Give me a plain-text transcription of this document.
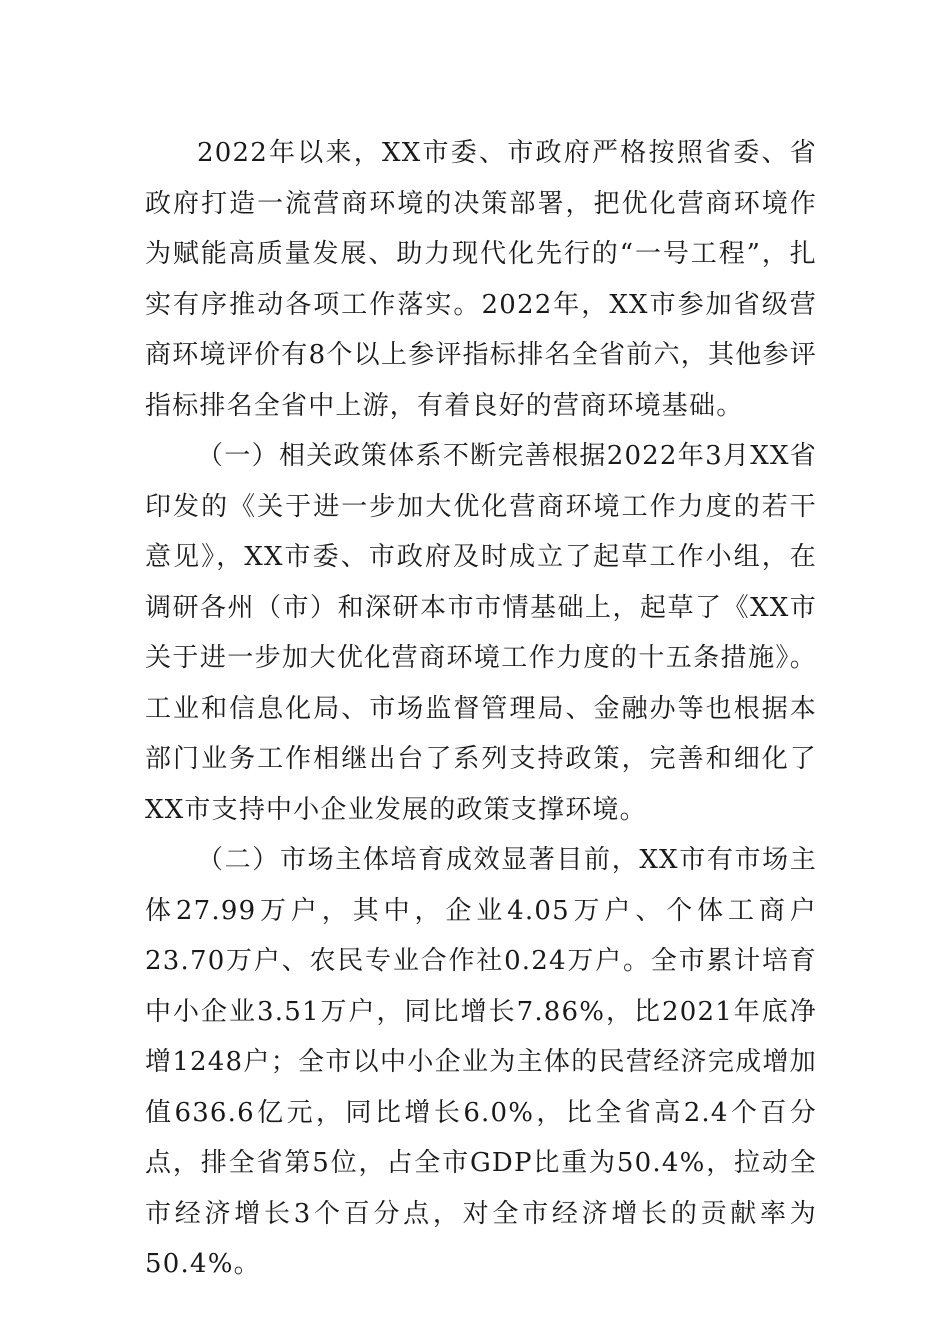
2022年以来，XX市委、市政府严格按照省委、省政府打造一流营商环境的决策部署，把优化营商环境作为赋能高质量发展、助力现代化先行的“一号工程”，扎实有序推动各项工作落实。2022年，XX市参加省级营商环境评价有8个以上参评指标排名全省前六，其他参评指标排名全省中上游，有着良好的营商环境基础。

（一）相关政策体系不断完善根据2022年3月XX省印发的《关于进一步加大优化营商环境工作力度的若干意见》，XX市委、市政府及时成立了起草工作小组，在调研各州（市）和深研本市市情基础上，起草了《XX市关于进一步加大优化营商环境工作力度的十五条措施》。工业和信息化局、市场监督管理局、金融办等也根据本部门业务工作相继出台了系列支持政策，完善和细化了XX市支持中小企业发展的政策支撑环境。

（二）市场主体培育成效显著目前，XX市有市场主体27.99万户，其中，企业4.05万户、个体工商户23.70万户、农民专业合作社0.24万户。全市累计培育中小企业3.51万户，同比增长7.86%，比2021年底净增1248户；全市以中小企业为主体的民营经济完成增加值636.6亿元，同比增长6.0%，比全省高2.4个百分点，排全省第5位，占全市GDP比重为50.4%，拉动全市经济增长3个百分点，对全市经济增长的贡献率为50.4%。
